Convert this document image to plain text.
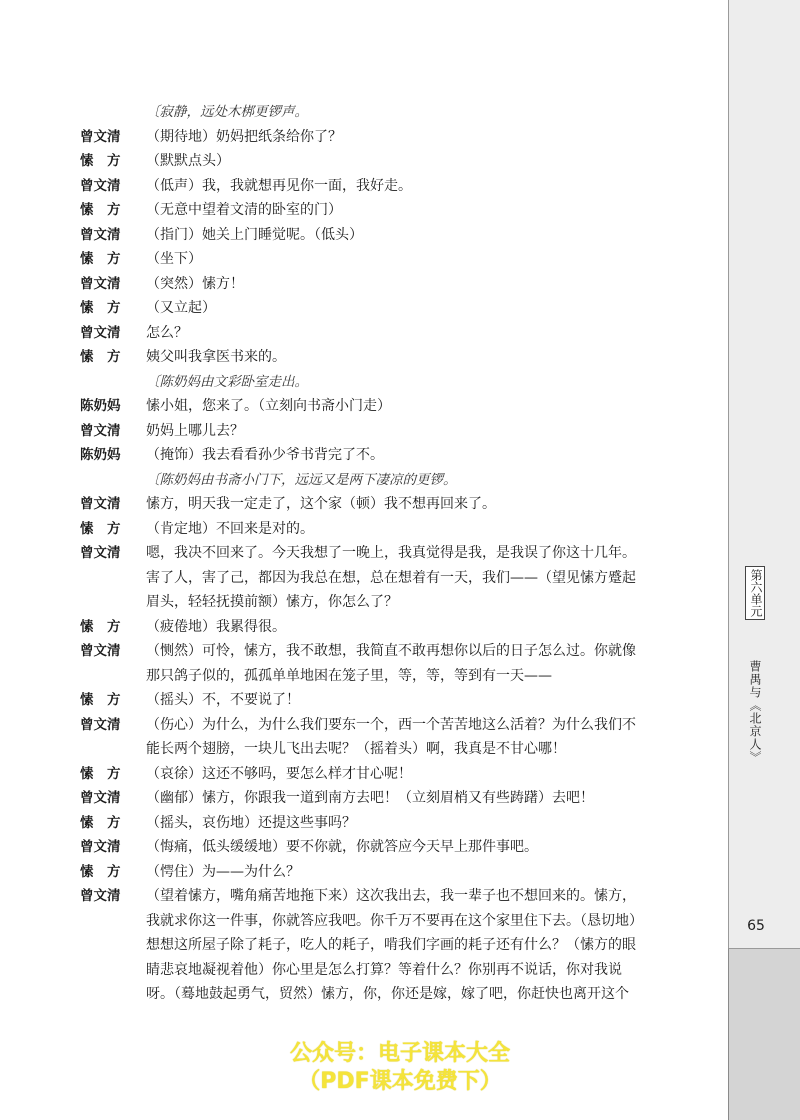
第六单元
曹禺与《北京人》
65
〔寂静，远处木梆更锣声。
曾文清	（期待地）奶妈把纸条给你了？
愫　方	（默默点头）
曾文清	（低声）我，我就想再见你一面，我好走。
愫　方	（无意中望着文清的卧室的门）
曾文清	（指门）她关上门睡觉呢。（低头）
愫　方	（坐下）
曾文清	（突然）愫方！
愫　方	（又立起）
曾文清	怎么？
愫　方	姨父叫我拿医书来的。
〔陈奶妈由文彩卧室走出。
陈奶妈	愫小姐，您来了。（立刻向书斋小门走）
曾文清	奶妈上哪儿去？
陈奶妈	（掩饰）我去看看孙少爷书背完了不。
〔陈奶妈由书斋小门下，远远又是两下凄凉的更锣。
曾文清	愫方，明天我一定走了，这个家（顿）我不想再回来了。
愫　方	（肯定地）不回来是对的。
曾文清	嗯，我决不回来了。今天我想了一晚上，我真觉得是我，是我误了你这十几年。
害了人，害了己，都因为我总在想，总在想着有一天，我们——（望见愫方蹙起
眉头，轻轻抚摸前额）愫方，你怎么了？
愫　方	（疲倦地）我累得很。
曾文清	（恻然）可怜，愫方，我不敢想，我简直不敢再想你以后的日子怎么过。你就像
那只鸽子似的，孤孤单单地困在笼子里，等，等，等到有一天——
愫　方	（摇头）不，不要说了！
曾文清	（伤心）为什么，为什么我们要东一个，西一个苦苦地这么活着？为什么我们不
能长两个翅膀，一块儿飞出去呢？（摇着头）啊，我真是不甘心哪！
愫　方	（哀徐）这还不够吗，要怎么样才甘心呢！
曾文清	（幽郁）愫方，你跟我一道到南方去吧！（立刻眉梢又有些踌躇）去吧！
愫　方	（摇头，哀伤地）还提这些事吗？
曾文清	（悔痛，低头缓缓地）要不你就，你就答应今天早上那件事吧。
愫　方	（愕住）为——为什么？
曾文清	（望着愫方，嘴角痛苦地拖下来）这次我出去，我一辈子也不想回来的。愫方，
我就求你这一件事，你就答应我吧。你千万不要再在这个家里住下去。（恳切地）
想想这所屋子除了耗子，吃人的耗子，啃我们字画的耗子还有什么？（愫方的眼
睛悲哀地凝视着他）你心里是怎么打算？等着什么？你别再不说话，你对我说
呀。（蓦地鼓起勇气，贸然）愫方，你，你还是嫁，嫁了吧，你赶快也离开这个
公众号：电子课本大全
（PDF课本免费下）
